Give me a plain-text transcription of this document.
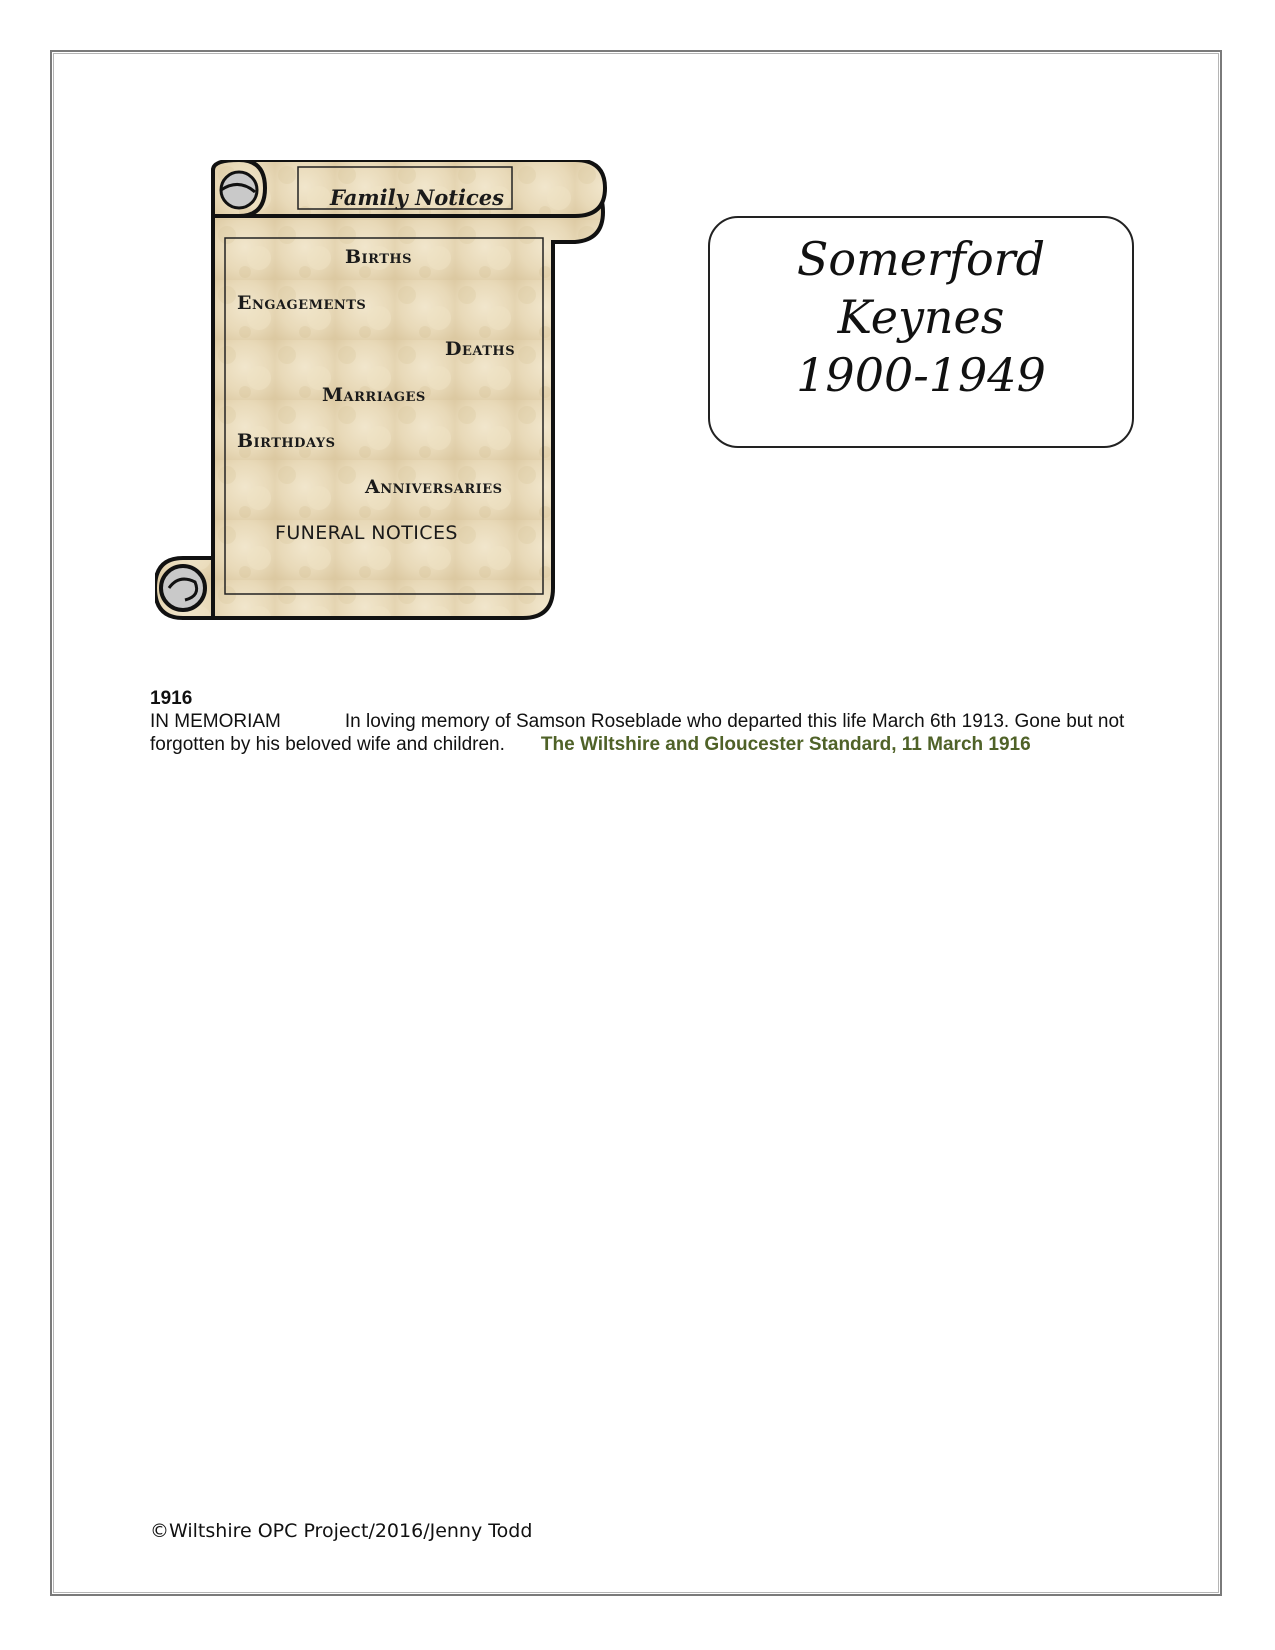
Family Notices
Births
Engagements
Deaths
Marriages
Birthdays
Anniversaries
FUNERAL NOTICES
Somerford
Keynes
1900-1949
1916
IN MEMORIAM	In loving memory of Samson Roseblade who departed this life March 6th 1913. Gone but not forgotten by his beloved wife and children. The Wiltshire and Gloucester Standard, 11 March 1916
©Wiltshire OPC Project/2016/Jenny Todd
